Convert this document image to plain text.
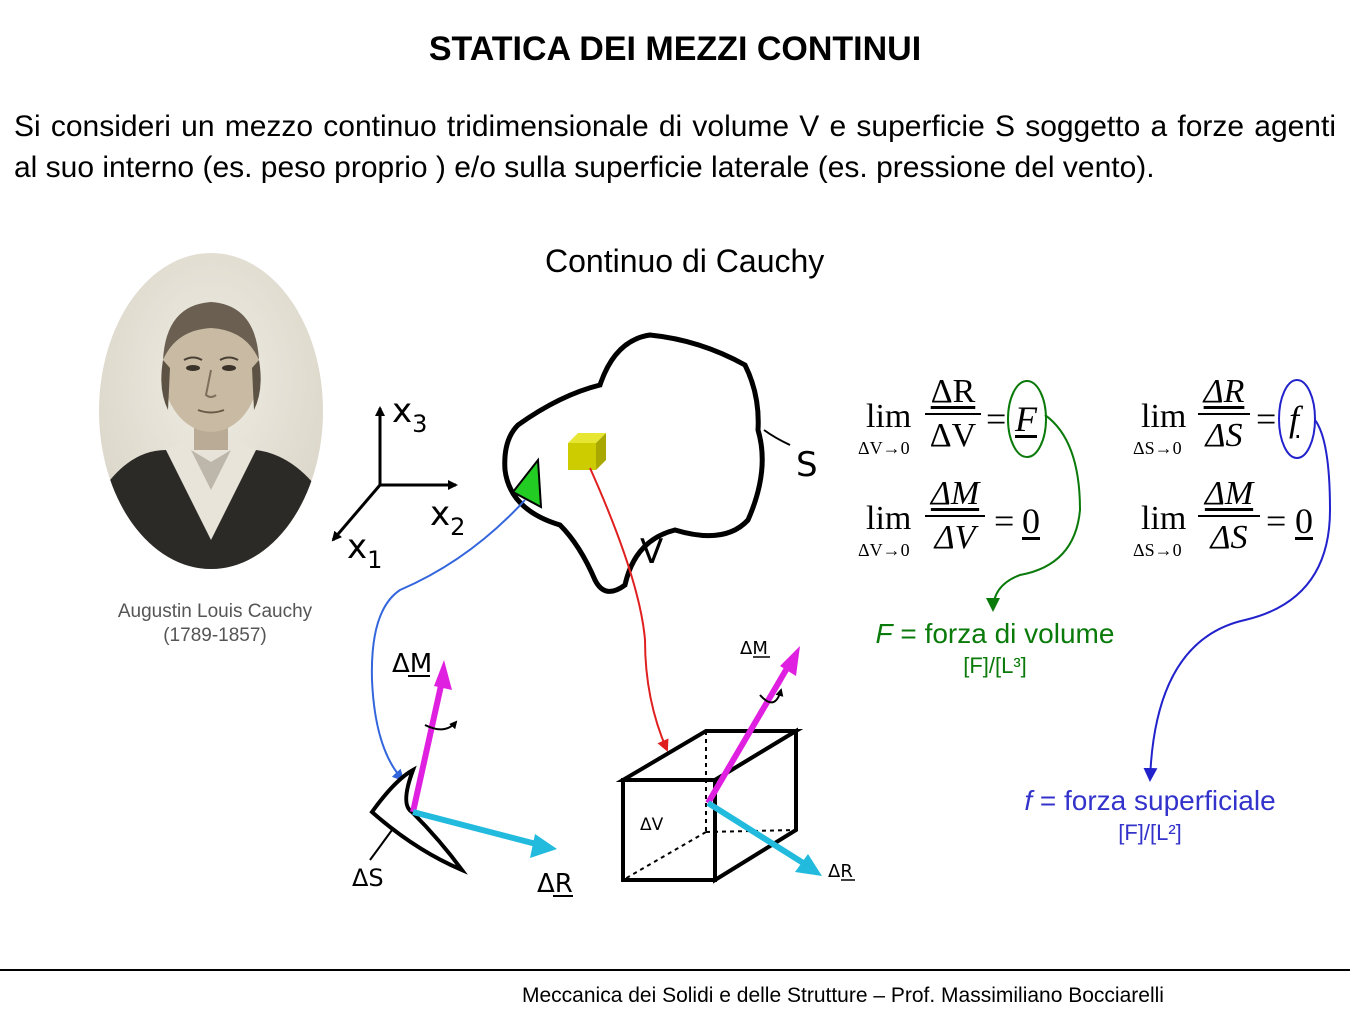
STATICA DEI MEZZI CONTINUI
Si consideri un mezzo continuo tridimensionale di volume V e superficie S soggetto a forze agenti al suo interno (es. peso proprio ) e/o sulla superficie laterale (es. pressione del vento).
Continuo di Cauchy
Augustin Louis Cauchy
(1789-1857)
$x_3$
$x_2$
$x_1$
S
V
ΔS
ΔM
ΔR
ΔV
ΔM
ΔR
lim
ΔV→0
ΔR
ΔV = F
lim
ΔV→0
ΔM
ΔV = 0
lim
ΔS→0
ΔR
ΔS = f
lim
ΔS→0
ΔM
ΔS = 0
F = forza di volume
[F]/[L³]
f = forza superficiale
[F]/[L²]
Meccanica dei Solidi e delle Strutture – Prof. Massimiliano Bocciarelli
